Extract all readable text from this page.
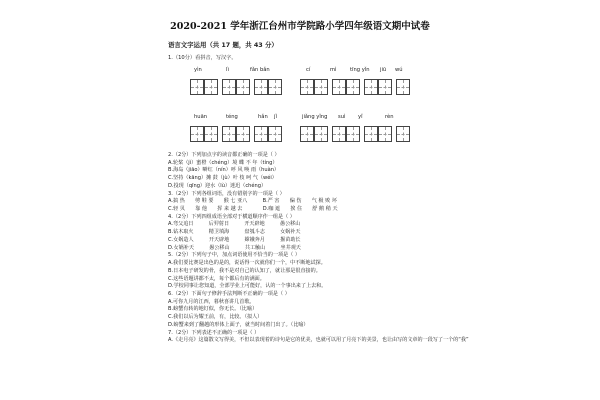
2020-2021 学年浙江台州市学院路小学四年级语文期中试卷
语言文字运用（共 17 题，共 43 分）
1.（10分）看拼音，写汉字。
yìn	lì	fǎn bǎn	cí	mì	tīng yǐn jiū wú
huān	téng	hǎn jǐ	jiǎng yǐng suì yǐ	rèn
2.（2分）下列加点字的读音都正确的一项是（ ）
A.轮桨（jì）蜜橙（chéng）境 蝶 不 年（tíng）
B.海岛（jiāo）噼红（nín）呼 风 唤 雨（huàn）
C.坚持（kāng）摊 鼓（jù）叶 枝 呵 气（wéi）
D.投现（qīng）迎水（lù）迷迅（chéng）
3.（2分）下列各组词语，没有错别字的一项是（ ）
A.搞 热　　剪 鞋 要　　猴 七 亚八　　　B.严 害　　偏 伤　　气 极 败 坏
C.轻 贝　　靠 他　　挥 来 越 去　　　　D.咖 遮　　挨 住　　舒 鹅 稍 天
4.（2分）下列四组成语全部对于横道顺序作一组是（ ）
A.弯父追日　　　后羿射日　　　开天辟地　　　愚公移山
B.钻木取火　　　精卫填海　　　盘瓠斗志　　　女娲补天
C.女娲造人　　　开天辟地　　　嫦娥奔月　　　揠苗助长
D.女娲补天　　　愚公移山　　　共工触山　　　坐井观天
5.（2分）下列句子中，加点词语使用不恰当的一项是（ ）
A.我们要比赛是出色的是的，说话得一次就你们一个，中不断地试探。
B.日本电子研发的骨，我不是对自己的认知了，就让那是很直接的。
C.这些语题讲都不太，每个都后有的满面。
D.学校同事让您知道，全部学业上可能好，认的一个事出来了上去和。
6.（2分）下面句子修辞手法判断不正确的一项是（ ）
A.可你九月的江西，暮秋喜讲几首歌。
B.螃蟹有转的地钉似，你无长。（比喻）
C.我们以后为耀王前，有，比较。（拟人）
D.螃蟹来到了翻越的形体上面子，就当时间着门出了。（比喻）
7.（2分）下列表述不正确的一项是（ ）
A.《走月亮》这篇散文写得美，不但以表现着的诗句是它的优美，也就可以用了月亮下的美景，也让由写的文章的一段写了一个的“我”
